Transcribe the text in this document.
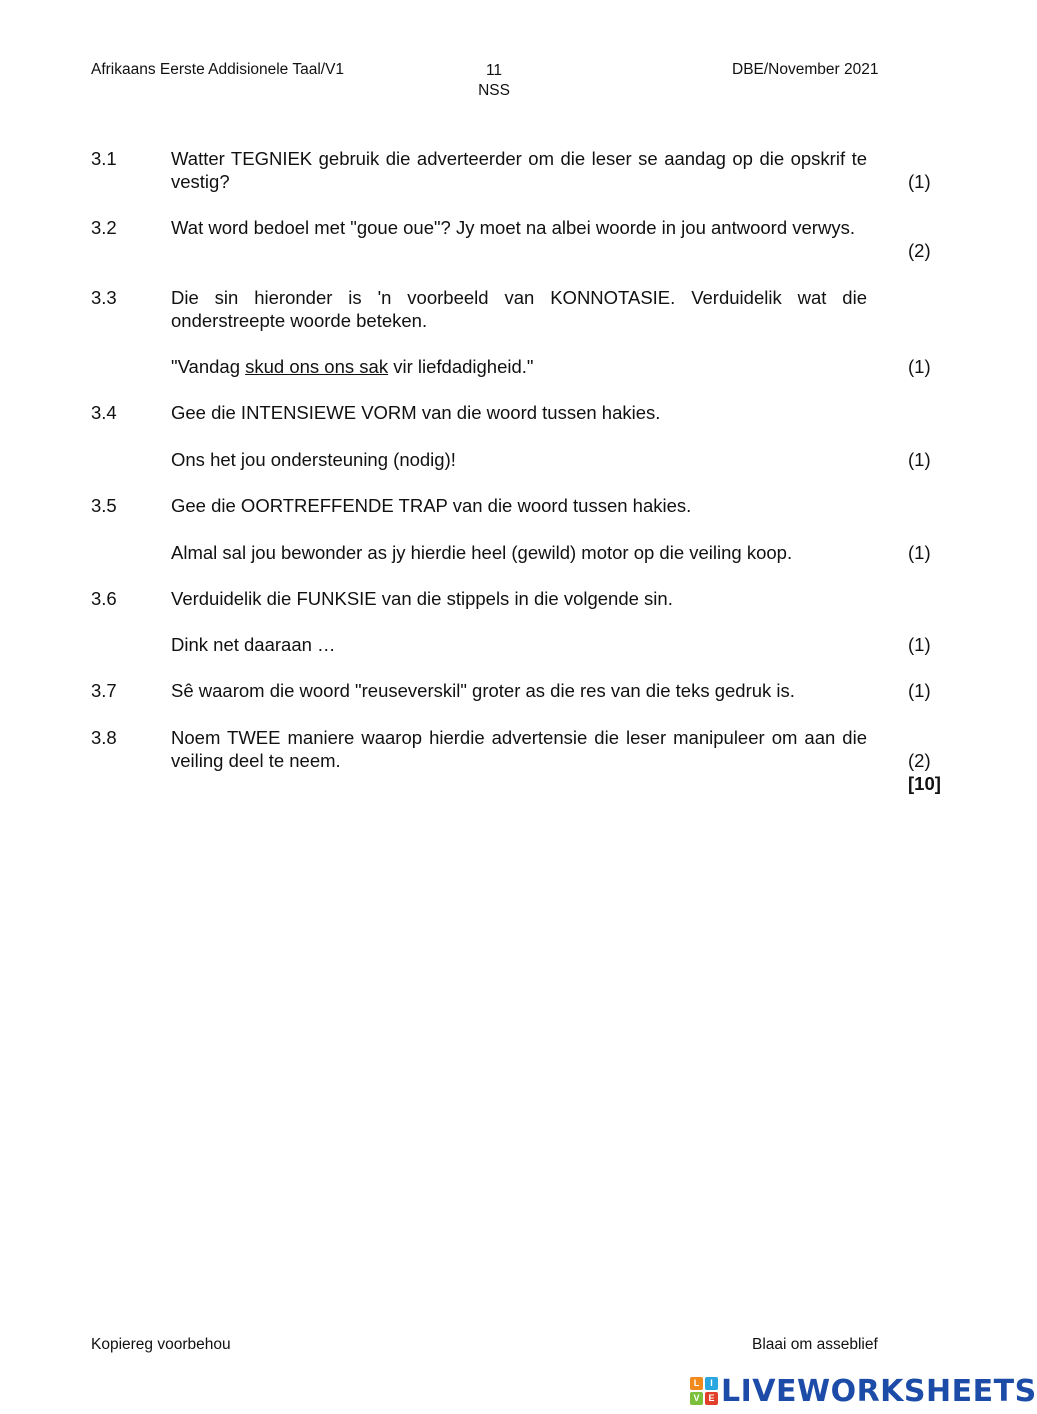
Afrikaans Eerste Addisionele Taal/V1	11
NSS
DBE/November 2021
3.1	Watter TEGNIEK gebruik die adverteerder om die leser se aandag op die opskrif te vestig?	(1)
3.2	Wat word bedoel met "goue oue"? Jy moet na albei woorde in jou antwoord verwys.
(2)
3.3	Die sin hieronder is 'n voorbeeld van KONNOTASIE. Verduidelik wat die onderstreepte woorde beteken.
"Vandag skud ons ons sak vir liefdadigheid."	(1)
3.4	Gee die INTENSIEWE VORM van die woord tussen hakies.
Ons het jou ondersteuning (nodig)!	(1)
3.5	Gee die OORTREFFENDE TRAP van die woord tussen hakies.
Almal sal jou bewonder as jy hierdie heel (gewild) motor op die veiling koop.	(1)
3.6	Verduidelik die FUNKSIE van die stippels in die volgende sin.
Dink net daaraan …	(1)
3.7	Sê waarom die woord "reuseverskil" groter as die res van die teks gedruk is.	(1)
3.8	Noem TWEE maniere waarop hierdie advertensie die leser manipuleer om aan die veiling deel te neem.	(2)
[10]
Kopiereg voorbehou	Blaai om asseblief
L	I
V E LIVEWORKSHEETS
